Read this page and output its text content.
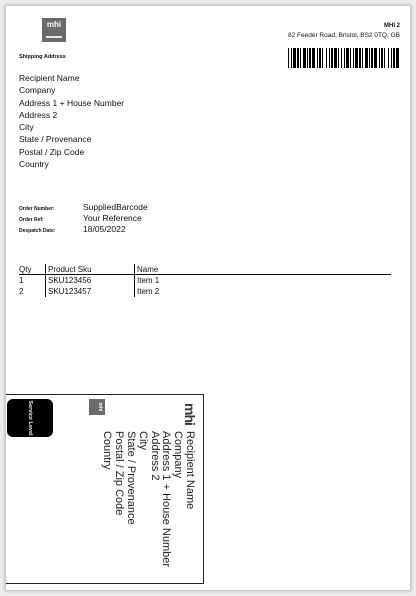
mhi	MHI 2
82 Feeder Road, Bristol, BS2 0TQ, GB
Shipping Address
Recipient Name
Company
Address 1 + House Number
Address 2
City
State / Provenance
Postal / Zip Code
Country
Order Number:	SuppliedBarcode
Order Ref:	Your Reference
Despatch Date:	18/05/2022
Qty	Product Sku	Name
1	SKU123456	Item 1
2	SKU123457	Item 2
mhi
mhi
Recipient Name
Company
Address 1 + House Number
Address 2
City
State / Provenance
Postal / Zip Code
Country
Service Level
